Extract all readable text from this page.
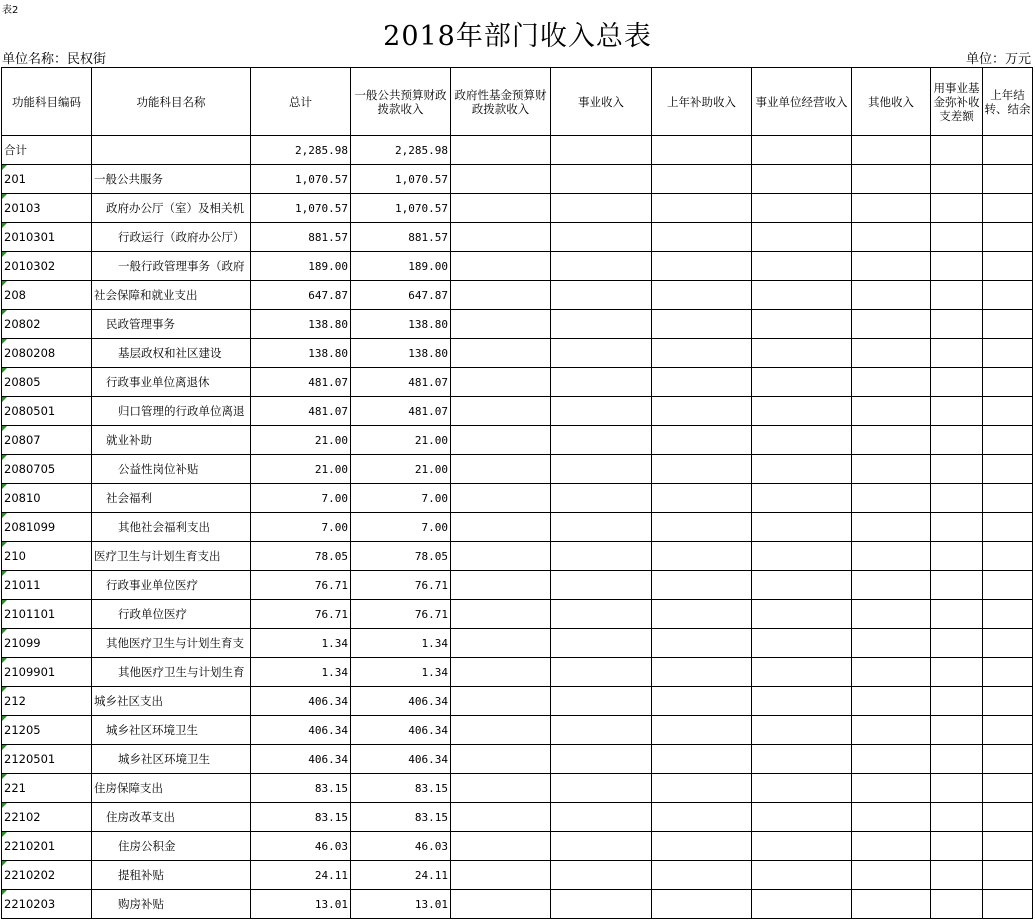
表2
2018年部门收入总表
单位名称：民权街	单位：万元
功能科目编码	功能科目名称	总计	一般公共预算财政拨款收入	政府性基金预算财政拨款收入	事业收入	上年补助收入	事业单位经营收入	其他收入	用事业基金弥补收支差额	上年结转、结余
合计		2,285.98	2,285.98							
201	一般公共服务	1,070.57	1,070.57							
20103	政府办公厅（室）及相关机	1,070.57	1,070.57							
2010301	行政运行（政府办公厅）	881.57	881.57							
2010302	一般行政管理事务（政府	189.00	189.00							
208	社会保障和就业支出	647.87	647.87							
20802	民政管理事务	138.80	138.80							
2080208	基层政权和社区建设	138.80	138.80							
20805	行政事业单位离退休	481.07	481.07							
2080501	归口管理的行政单位离退	481.07	481.07							
20807	就业补助	21.00	21.00							
2080705	公益性岗位补贴	21.00	21.00							
20810	社会福利	7.00	7.00							
2081099	其他社会福利支出	7.00	7.00							
210	医疗卫生与计划生育支出	78.05	78.05							
21011	行政事业单位医疗	76.71	76.71							
2101101	行政单位医疗	76.71	76.71							
21099	其他医疗卫生与计划生育支	1.34	1.34							
2109901	其他医疗卫生与计划生育	1.34	1.34							
212	城乡社区支出	406.34	406.34							
21205	城乡社区环境卫生	406.34	406.34							
2120501	城乡社区环境卫生	406.34	406.34							
221	住房保障支出	83.15	83.15							
22102	住房改革支出	83.15	83.15							
2210201	住房公积金	46.03	46.03							
2210202	提租补贴	24.11	24.11							
2210203	购房补贴	13.01	13.01							
